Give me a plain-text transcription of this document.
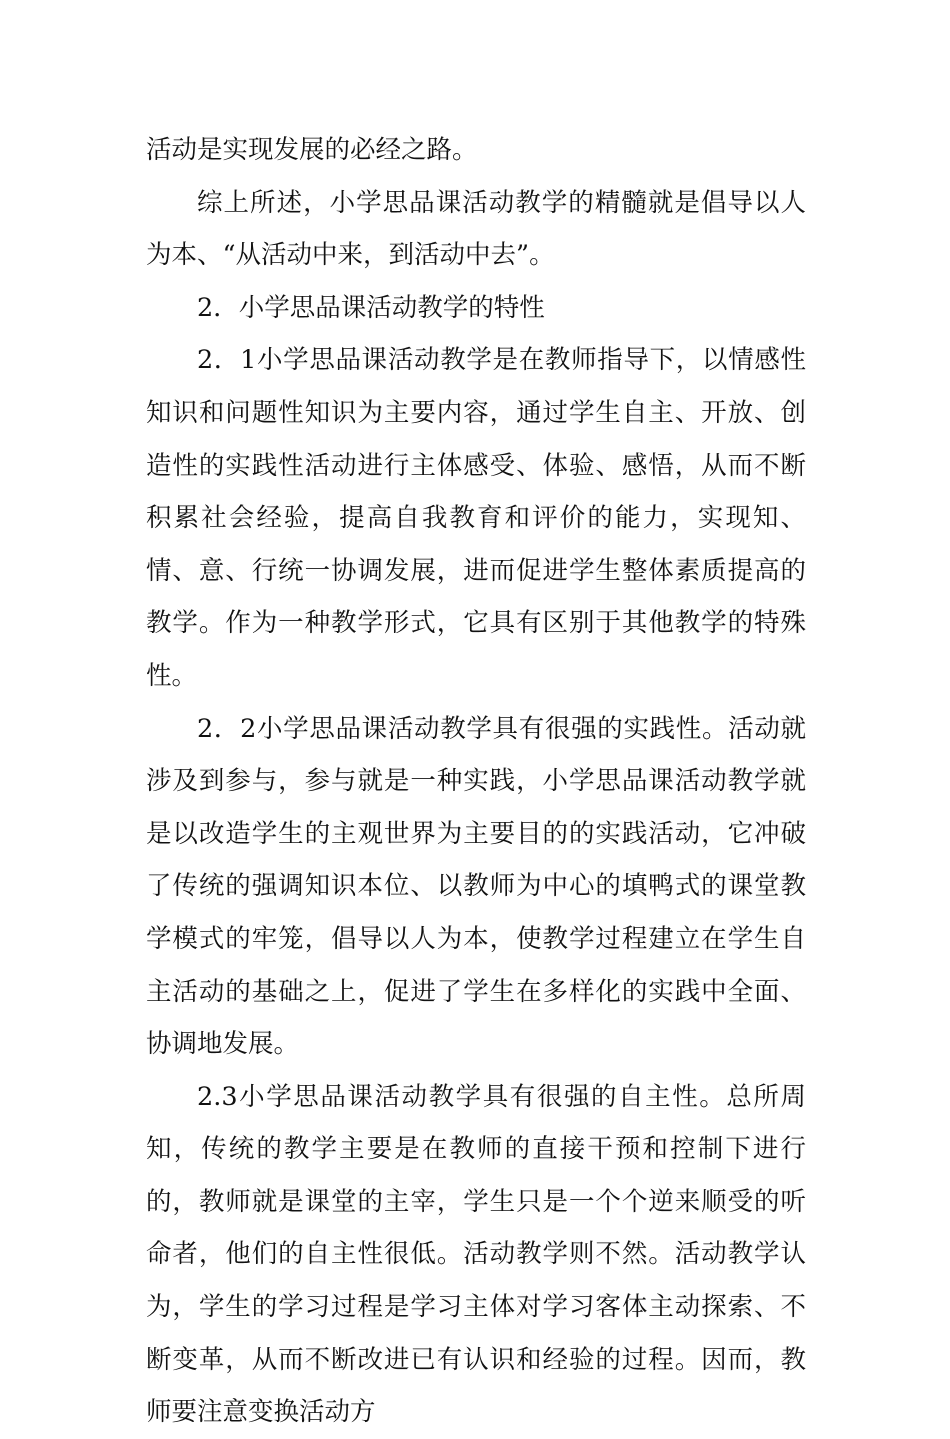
活动是实现发展的必经之路。

综上所述，小学思品课活动教学的精髓就是倡导以人为本、“从活动中来，到活动中去”。

2．小学思品课活动教学的特性

2．1小学思品课活动教学是在教师指导下，以情感性知识和问题性知识为主要内容，通过学生自主、开放、创造性的实践性活动进行主体感受、体验、感悟，从而不断积累社会经验，提高自我教育和评价的能力，实现知、情、意、行统一协调发展，进而促进学生整体素质提高的教学。作为一种教学形式，它具有区别于其他教学的特殊性。

2．2小学思品课活动教学具有很强的实践性。活动就涉及到参与，参与就是一种实践，小学思品课活动教学就是以改造学生的主观世界为主要目的的实践活动，它冲破了传统的强调知识本位、以教师为中心的填鸭式的课堂教学模式的牢笼，倡导以人为本，使教学过程建立在学生自主活动的基础之上，促进了学生在多样化的实践中全面、协调地发展。

2.3小学思品课活动教学具有很强的自主性。总所周知，传统的教学主要是在教师的直接干预和控制下进行的，教师就是课堂的主宰，学生只是一个个逆来顺受的听命者，他们的自主性很低。活动教学则不然。活动教学认为，学生的学习过程是学习主体对学习客体主动探索、不断变革，从而不断改进已有认识和经验的过程。因而，教师要注意变换活动方
